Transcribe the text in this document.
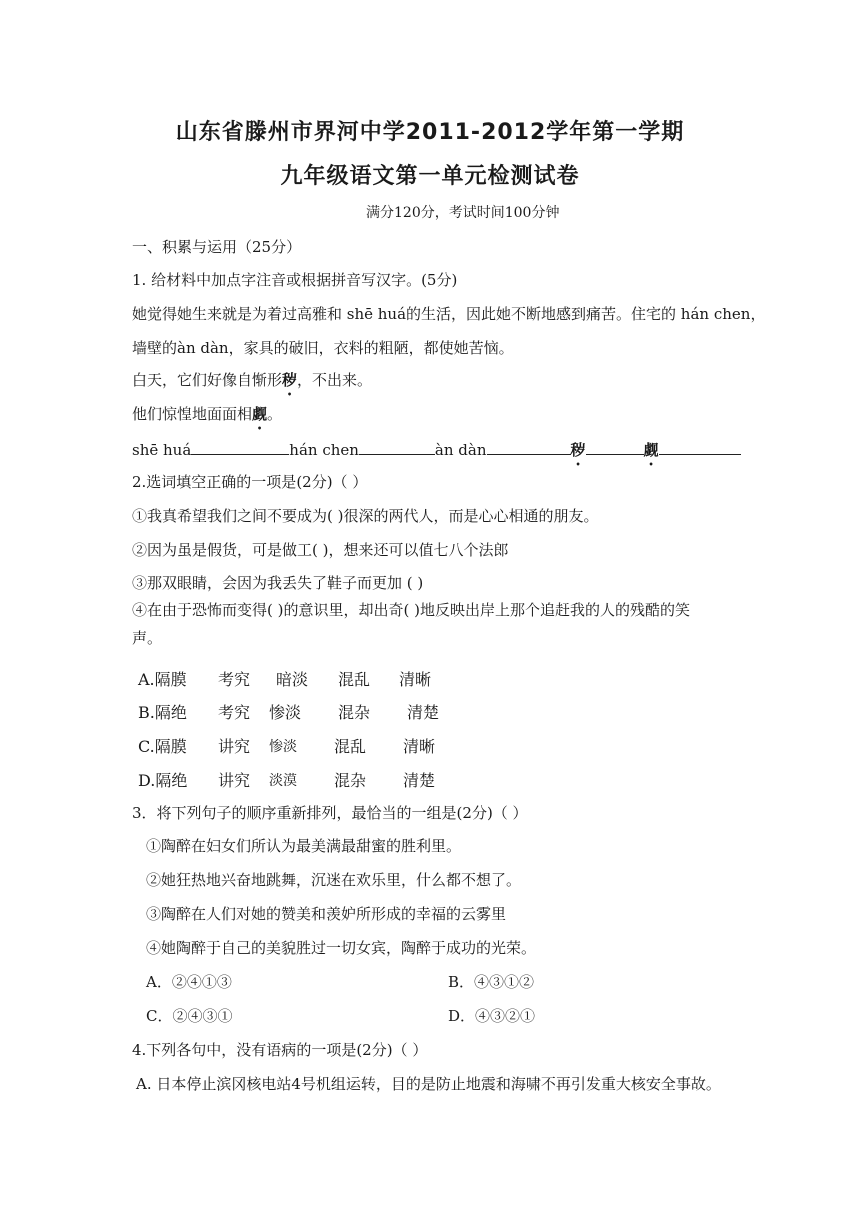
山东省滕州市界河中学2011-2012学年第一学期
九年级语文第一单元检测试卷
满分120分，考试时间100分钟
一、积累与运用（25分）
1. 给材料中加点字注音或根据拼音写汉字。(5分)
她觉得她生来就是为着过高雅和 shē huá的生活，因此她不断地感到痛苦。住宅的 hán chen，
墙壁的àn dàn，家具的破旧，衣料的粗陋，都使她苦恼。
白天，它们好像自惭形秽，不出来。
他们惊惶地面面相觑。
shē huá	hán chen	àn dàn	秽	觑
2.选词填空正确的一项是(2分)（ ）
①我真希望我们之间不要成为( )很深的两代人，而是心心相通的朋友。
②因为虽是假货，可是做工( )，想来还可以值七八个法郎
③那双眼睛，会因为我丢失了鞋子而更加 ( )
④在由于恐怖而变得( )的意识里，却出奇( )地反映出岸上那个追赶我的人的残酷的笑
声。
A.隔膜 考究 暗淡 混乱 清晰
B.隔绝 考究 惨淡 混杂 清楚
C.隔膜 讲究 惨淡 混乱 清晰
D.隔绝 讲究 淡漠 混杂 清楚
3．将下列句子的顺序重新排列，最恰当的一组是(2分)（ ）
①陶醉在妇女们所认为最美满最甜蜜的胜利里。
②她狂热地兴奋地跳舞，沉迷在欢乐里，什么都不想了。
③陶醉在人们对她的赞美和羡妒所形成的幸福的云雾里
④她陶醉于自己的美貌胜过一切女宾，陶醉于成功的光荣。
A．②④①③	B．④③①②
C．②④③①	D．④③②①
4.下列各句中，没有语病的一项是(2分)（ ）
A. 日本停止滨冈核电站4号机组运转，目的是防止地震和海啸不再引发重大核安全事故。
